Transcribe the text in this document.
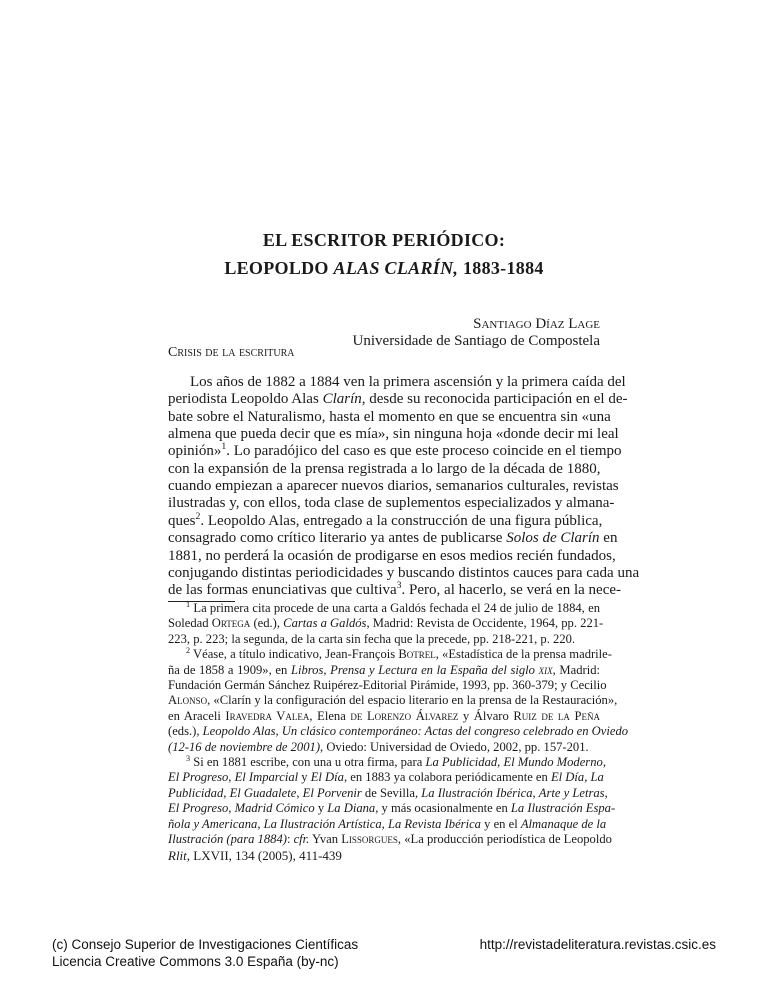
EL ESCRITOR PERIÓDICO:
LEOPOLDO ALAS CLARÍN, 1883-1884
Santiago Díaz Lage
Universidade de Santiago de Compostela
Crisis de la escritura
Los años de 1882 a 1884 ven la primera ascensión y la primera caída del
periodista Leopoldo Alas Clarín, desde su reconocida participación en el de-
bate sobre el Naturalismo, hasta el momento en que se encuentra sin «una
almena que pueda decir que es mía», sin ninguna hoja «donde decir mi leal
opinión»$^1$. Lo paradójico del caso es que este proceso coincide en el tiempo
con la expansión de la prensa registrada a lo largo de la década de 1880,
cuando empiezan a aparecer nuevos diarios, semanarios culturales, revistas
ilustradas y, con ellos, toda clase de suplementos especializados y almana-
ques$^2$. Leopoldo Alas, entregado a la construcción de una figura pública,
consagrado como crítico literario ya antes de publicarse Solos de Clarín en
1881, no perderá la ocasión de prodigarse en esos medios recién fundados,
conjugando distintas periodicidades y buscando distintos cauces para cada una
de las formas enunciativas que cultiva$^3$. Pero, al hacerlo, se verá en la nece-
$^1$ La primera cita procede de una carta a Galdós fechada el 24 de julio de 1884, en
Soledad Ortega (ed.), Cartas a Galdós, Madrid: Revista de Occidente, 1964, pp. 221-
223, p. 223; la segunda, de la carta sin fecha que la precede, pp. 218-221, p. 220.
$^2$ Véase, a título indicativo, Jean-François Botrel, «Estadística de la prensa madrile-
ña de 1858 a 1909», en Libros, Prensa y Lectura en la España del siglo xix, Madrid:
Fundación Germán Sánchez Ruipérez-Editorial Pirámide, 1993, pp. 360-379; y Cecilio
Alonso, «Clarín y la configuración del espacio literario en la prensa de la Restauración»,
en Araceli Iravedra Valea, Elena de Lorenzo Álvarez y Álvaro Ruiz de la Peña
(eds.), Leopoldo Alas, Un clásico contemporáneo: Actas del congreso celebrado en Oviedo
(12-16 de noviembre de 2001), Oviedo: Universidad de Oviedo, 2002, pp. 157-201.
$^3$ Si en 1881 escribe, con una u otra firma, para La Publicidad, El Mundo Moderno,
El Progreso, El Imparcial y El Día, en 1883 ya colabora periódicamente en El Día, La
Publicidad, El Guadalete, El Porvenir de Sevilla, La Ilustración Ibérica, Arte y Letras,
El Progreso, Madrid Cómico y La Diana, y más ocasionalmente en La Ilustración Espa-
ñola y Americana, La Ilustración Artística, La Revista Ibérica y en el Almanaque de la
Ilustración (para 1884): cfr. Yvan Lissorgues, «La producción periodística de Leopoldo
Rlit, LXVII, 134 (2005), 411-439
(c) Consejo Superior de Investigaciones Científicas
Licencia Creative Commons 3.0 España (by-nc)
http://revistadeliteratura.revistas.csic.es
